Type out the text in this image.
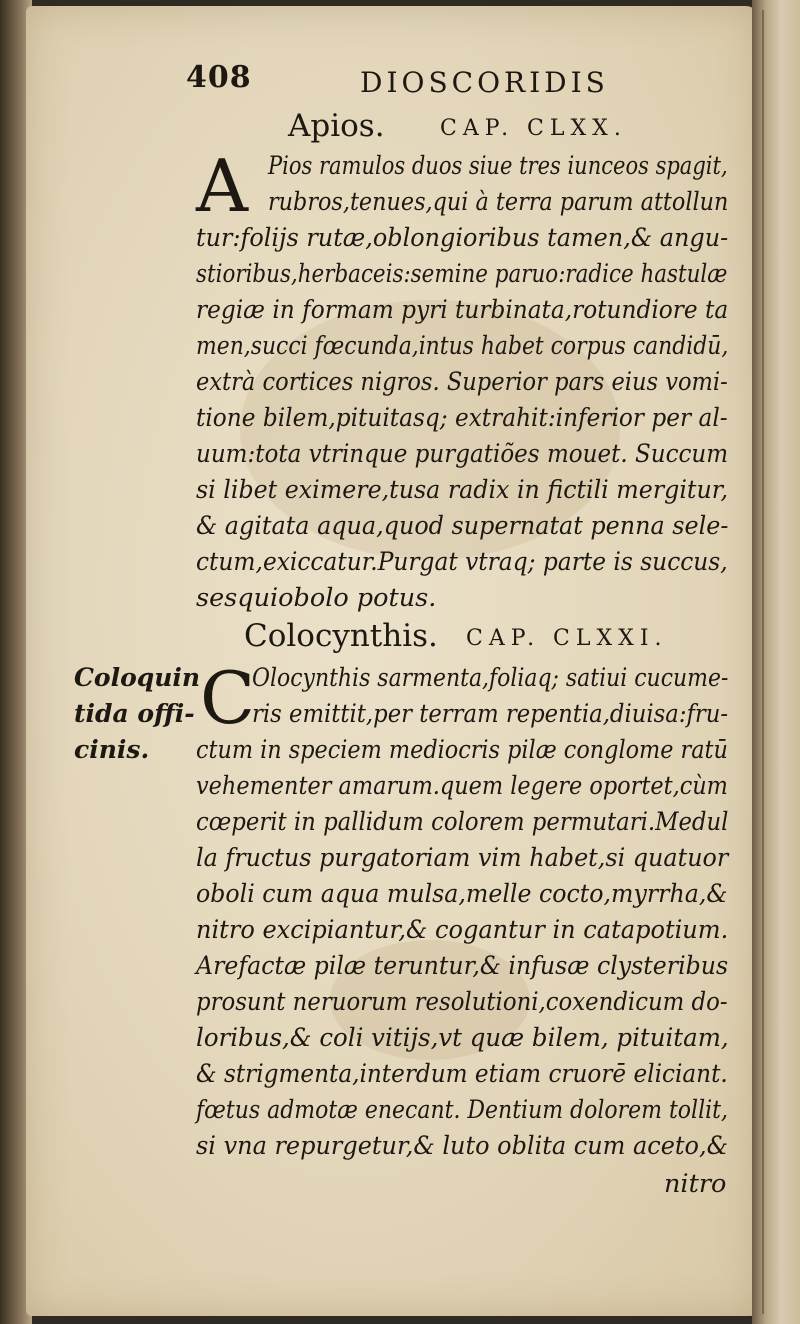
408	DIOSCORIDIS
Apios.	CAP. CLXX.
A Pios ramulos duos siue tres iunceos spagit,
rubros,tenues,qui à terra parum attollun
tur:folijs rutæ,oblongioribus tamen,& angu-
stioribus,herbaceis:semine paruo:radice hastulæ
regiæ in formam pyri turbinata,rotundiore ta
men,succi fœcunda,intus habet corpus candidū,
extrà cortices nigros. Superior pars eius vomi-
tione bilem,pituitasq; extrahit:inferior per al-
uum:tota vtrinque purgatiões mouet. Succum
si libet eximere,tusa radix in fictili mergitur,
& agitata aqua,quod supernatat penna sele-
ctum,exiccatur.Purgat vtraq; parte is succus,
sesquiobolo potus.
Colocynthis. CAP. CLXXI.
C
Olocynthis sarmenta,foliaq; satiui cucume-
ris emittit,per terram repentia,diuisa:fru-
ctum in speciem mediocris pilæ conglome ratū
vehementer amarum.quem legere oportet,cùm
cœperit in pallidum colorem permutari.Medul
la fructus purgatoriam vim habet,si quatuor
oboli cum aqua mulsa,melle cocto,myrrha,&
nitro excipiantur,& cogantur in catapotium.
Arefactæ pilæ teruntur,& infusæ clysteribus
prosunt neruorum resolutioni,coxendicum do-
loribus,& coli vitijs,vt quæ bilem, pituitam,
& strigmenta,interdum etiam cruorē eliciant.
fœtus admotæ enecant. Dentium dolorem tollit,
si vna repurgetur,& luto oblita cum aceto,&
nitro
Coloquin
tida offi-
cinis.
